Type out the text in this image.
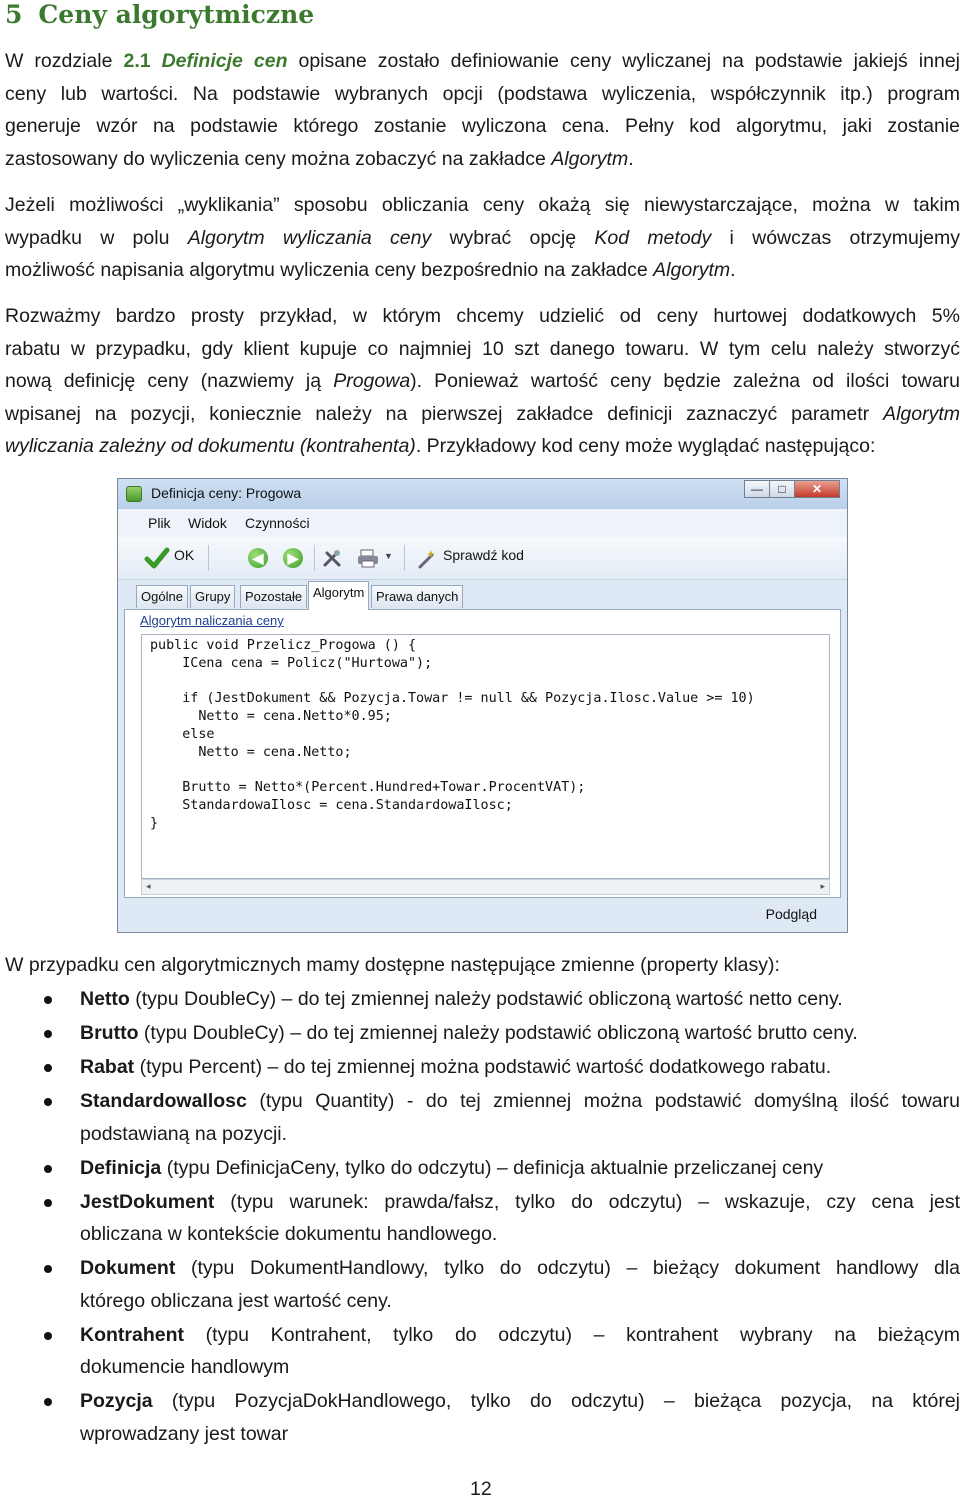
5 Ceny algorytmiczne
W rozdziale 2.1 Definicje cen opisane zostało definiowanie ceny wyliczanej na podstawie jakiejś innej
ceny lub wartości. Na podstawie wybranych opcji (podstawa wyliczenia, współczynnik itp.) program
generuje wzór na podstawie którego zostanie wyliczona cena. Pełny kod algorytmu, jaki zostanie
zastosowany do wyliczenia ceny można zobaczyć na zakładce Algorytm.
Jeżeli możliwości „wyklikania” sposobu obliczania ceny okażą się niewystarczające, można w takim
wypadku w polu Algorytm wyliczania ceny wybrać opcję Kod metody i wówczas otrzymujemy
możliwość napisania algorytmu wyliczenia ceny bezpośrednio na zakładce Algorytm.
Rozważmy bardzo prosty przykład, w którym chcemy udzielić od ceny hurtowej dodatkowych 5%
rabatu w przypadku, gdy klient kupuje co najmniej 10 szt danego towaru. W tym celu należy stworzyć
nową definicję ceny (nazwiemy ją Progowa). Ponieważ wartość ceny będzie zależna od ilości towaru
wpisanej na pozycji, koniecznie należy na pierwszej zakładce definicji zaznaczyć parametr Algorytm
wyliczania zależny od dokumentu (kontrahenta). Przykładowy kod ceny może wyglądać następująco:
Definicja ceny: Progowa	—	□	✕
Plik Widok Czynności
OK	◀	▶	▼	Sprawdź kod
Ogólne Grupy	Pozostałe Algorytm Prawa danych
Algorytm naliczania ceny
public void Przelicz_Progowa () {
ICena cena = Policz("Hurtowa");

if (JestDokument && Pozycja.Towar != null && Pozycja.Ilosc.Value >= 10)
Netto = cena.Netto*0.95;
else
Netto = cena.Netto;

Brutto = Netto*(Percent.Hundred+Towar.ProcentVAT);
StandardowaIlosc = cena.StandardowaIlosc;
}
◂	▸
Podgląd
W przypadku cen algorytmicznych mamy dostępne następujące zmienne (property klasy):
Netto (typu DoubleCy) – do tej zmiennej należy podstawić obliczoną wartość netto ceny.
Brutto (typu DoubleCy) – do tej zmiennej należy podstawić obliczoną wartość brutto ceny.
Rabat (typu Percent) – do tej zmiennej można podstawić wartość dodatkowego rabatu.
StandardowaIlosc (typu Quantity) - do tej zmiennej można podstawić domyślną ilość towaru
podstawianą na pozycji.
Definicja (typu DefinicjaCeny, tylko do odczytu) – definicja aktualnie przeliczanej ceny
JestDokument (typu warunek: prawda/fałsz, tylko do odczytu) – wskazuje, czy cena jest
obliczana w kontekście dokumentu handlowego.
Dokument (typu DokumentHandlowy, tylko do odczytu) – bieżący dokument handlowy dla
którego obliczana jest wartość ceny.
Kontrahent (typu Kontrahent, tylko do odczytu) – kontrahent wybrany na bieżącym
dokumencie handlowym
Pozycja (typu PozycjaDokHandlowego, tylko do odczytu) – bieżąca pozycja, na której
wprowadzany jest towar
12
